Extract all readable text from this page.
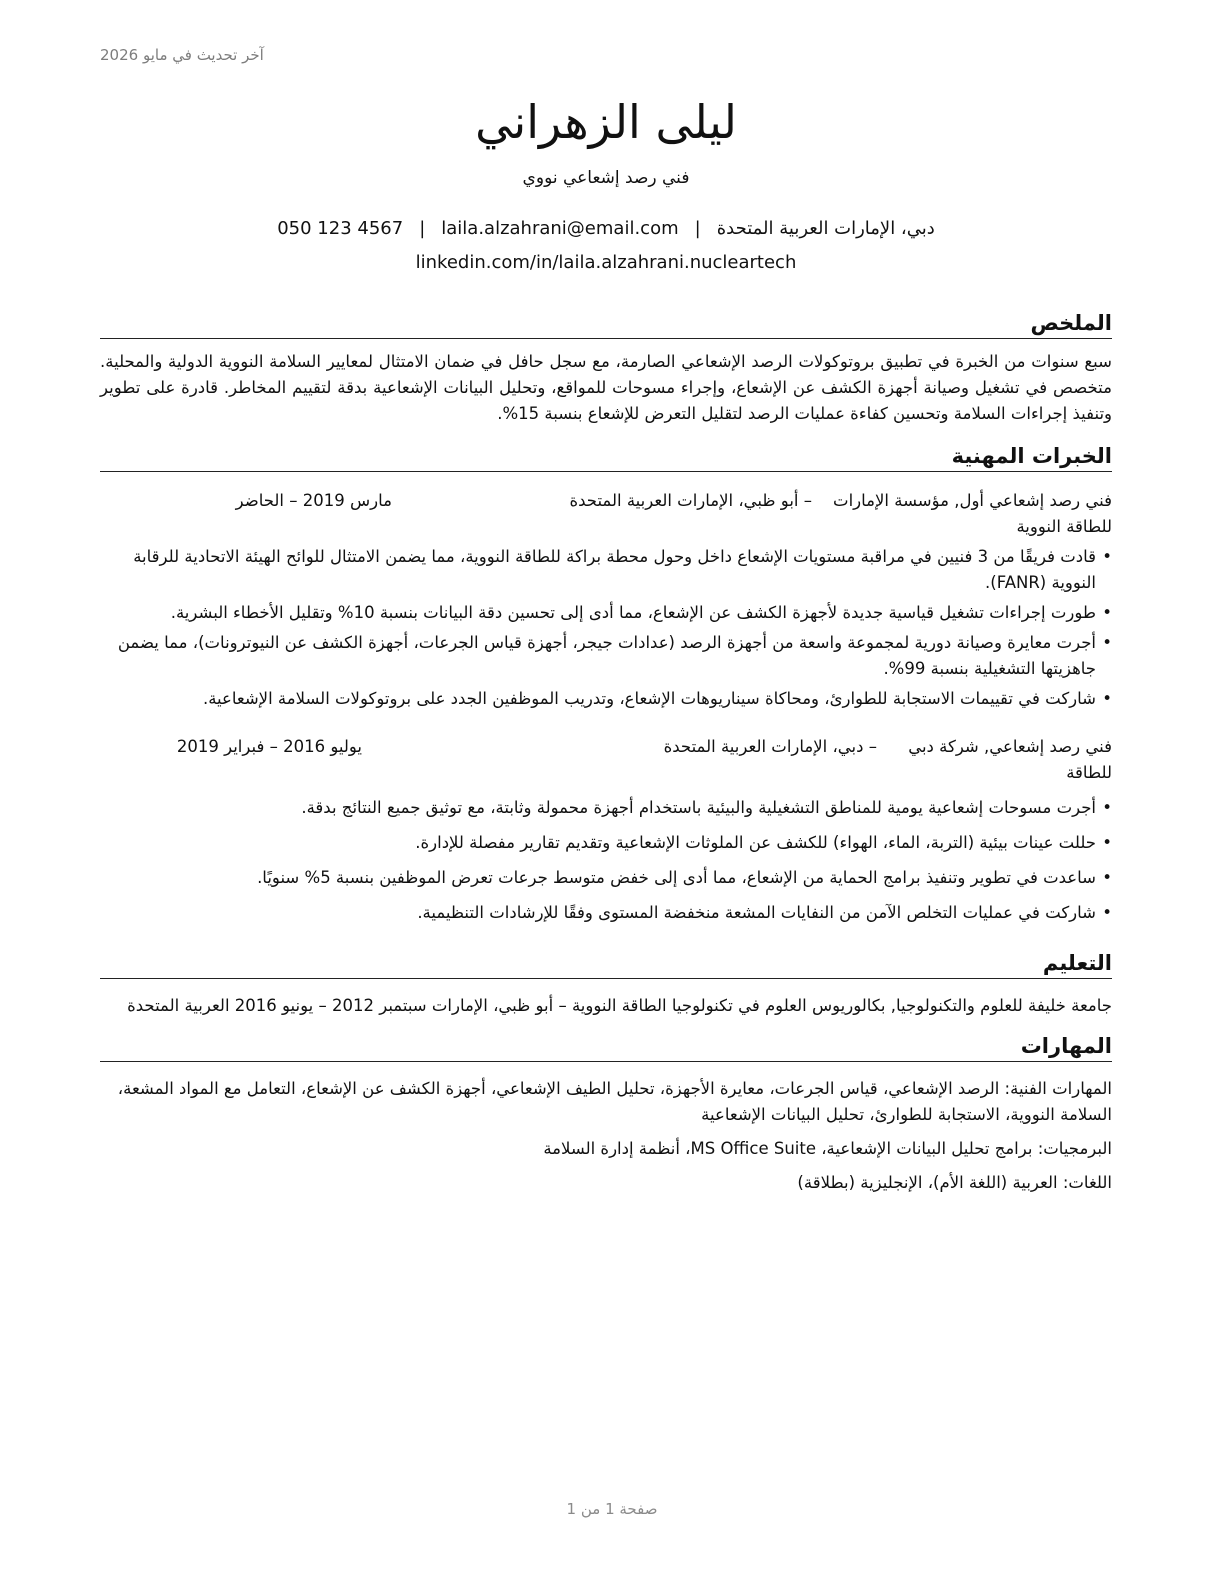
آخر تحديث في مايو 2026
ليلى الزهراني
فني رصد إشعاعي نووي
دبي، الإمارات العربية المتحدة|laila.alzahrani@email.com|050 123 4567
linkedin.com/in/laila.alzahrani.nucleartech
الملخص

سبع سنوات من الخبرة في تطبيق بروتوكولات الرصد الإشعاعي الصارمة، مع سجل حافل في ضمان الامتثال لمعايير السلامة النووية الدولية والمحلية. متخصص في تشغيل وصيانة أجهزة الكشف عن الإشعاع، وإجراء مسوحات للمواقع، وتحليل البيانات الإشعاعية بدقة لتقييم المخاطر. قادرة على تطوير وتنفيذ إجراءات السلامة وتحسين كفاءة عمليات الرصد لتقليل التعرض للإشعاع بنسبة 15%.

الخبرات المهنية
فني رصد إشعاعي أول, مؤسسة الإمارات للطاقة النووية
– أبو ظبي، الإمارات العربية المتحدة
مارس 2019 – الحاضر
• قادت فريقًا من 3 فنيين في مراقبة مستويات الإشعاع داخل وحول محطة براكة للطاقة النووية، مما يضمن الامتثال للوائح الهيئة الاتحادية للرقابة النووية (FANR).
• طورت إجراءات تشغيل قياسية جديدة لأجهزة الكشف عن الإشعاع، مما أدى إلى تحسين دقة البيانات بنسبة 10% وتقليل الأخطاء البشرية.
• أجرت معايرة وصيانة دورية لمجموعة واسعة من أجهزة الرصد (عدادات جيجر، أجهزة قياس الجرعات، أجهزة الكشف عن النيوترونات)، مما يضمن جاهزيتها التشغيلية بنسبة 99%.
• شاركت في تقييمات الاستجابة للطوارئ، ومحاكاة سيناريوهات الإشعاع، وتدريب الموظفين الجدد على بروتوكولات السلامة الإشعاعية.
فني رصد إشعاعي, شركة دبي للطاقة
– دبي، الإمارات العربية المتحدة
يوليو 2016 – فبراير 2019
• أجرت مسوحات إشعاعية يومية للمناطق التشغيلية والبيئية باستخدام أجهزة محمولة وثابتة، مع توثيق جميع النتائج بدقة.
• حللت عينات بيئية (التربة، الماء، الهواء) للكشف عن الملوثات الإشعاعية وتقديم تقارير مفصلة للإدارة.
• ساعدت في تطوير وتنفيذ برامج الحماية من الإشعاع، مما أدى إلى خفض متوسط جرعات تعرض الموظفين بنسبة 5% سنويًا.
• شاركت في عمليات التخلص الآمن من النفايات المشعة منخفضة المستوى وفقًا للإرشادات التنظيمية.
التعليم

جامعة خليفة للعلوم والتكنولوجيا, بكالوريوس العلوم في تكنولوجيا الطاقة النووية – أبو ظبي، الإمارات سبتمبر 2012 – يونيو 2016 العربية المتحدة

المهارات

المهارات الفنية: الرصد الإشعاعي، قياس الجرعات، معايرة الأجهزة، تحليل الطيف الإشعاعي، أجهزة الكشف عن الإشعاع، التعامل مع المواد المشعة، السلامة النووية، الاستجابة للطوارئ، تحليل البيانات الإشعاعية

البرمجيات: برامج تحليل البيانات الإشعاعية، MS Office Suite، أنظمة إدارة السلامة

اللغات: العربية (اللغة الأم)، الإنجليزية (بطلاقة)

صفحة 1 من 1
